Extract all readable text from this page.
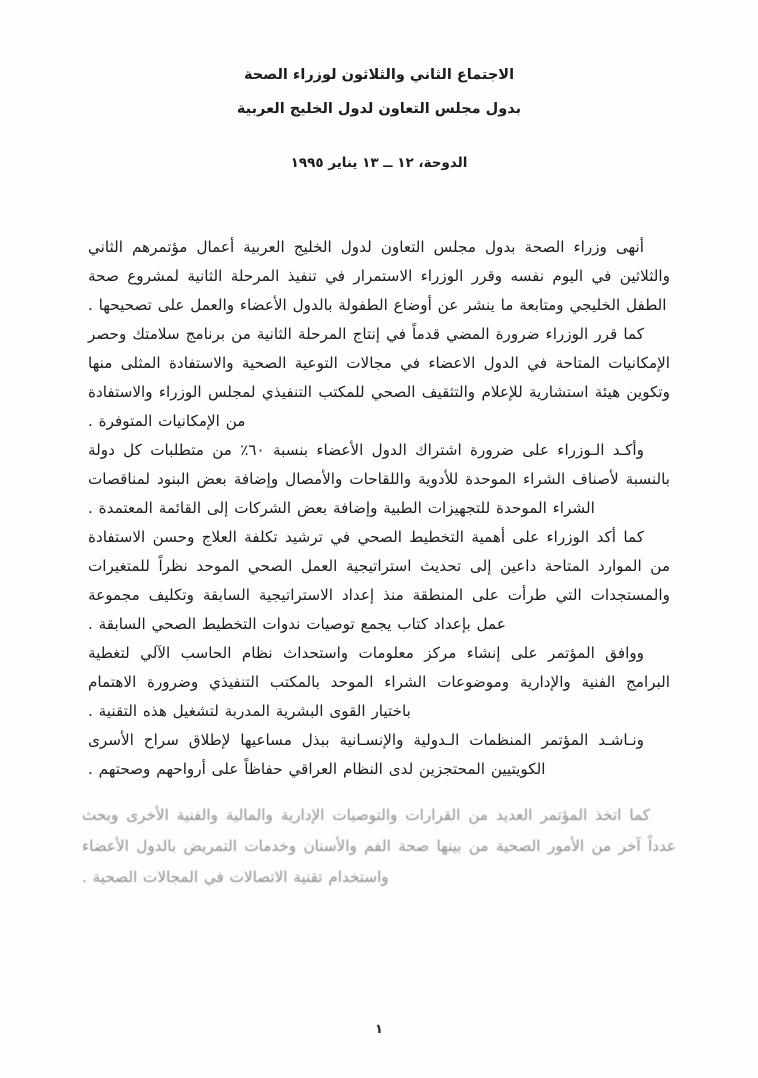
الاجتماع الثاني والثلاثون لوزراء الصحة
بدول مجلس التعاون لدول الخليج العربية
الدوحة، ١٢ ــ ١٣ يناير ١٩٩٥

أنهى وزراء الصحة بدول مجلس التعاون لدول الخليج العربية أعمال مؤتمرهم الثاني والثلاثين في اليوم نفسه وقرر الوزراء الاستمرار في تنفيذ المرحلة الثانية لمشروع صحة الطفل الخليجي ومتابعة ما ينشر عن أوضاع الطفولة بالدول الأعضاء والعمل على تصحيحها .

كما قرر الوزراء ضرورة المضي قدماً في إنتاج المرحلة الثانية من برنامج سلامتك وحصر الإمكانيات المتاحة في الدول الاعضاء في مجالات التوعية الصحية والاستفادة المثلى منها وتكوين هيئة استشارية للإعلام والتثقيف الصحي للمكتب التنفيذي لمجلس الوزراء والاستفادة من الإمكانيات المتوفرة .

وأكـد الـوزراء على ضرورة اشتراك الدول الأعضاء بنسبة ٦٠٪ من متطلبات كل دولة بالنسبة لأصناف الشراء الموحدة للأدوية واللقاحات والأمصال وإضافة بعض البنود لمناقصات الشراء الموحدة للتجهيزات الطبية وإضافة بعض الشركات إلى القائمة المعتمدة .

كما أكد الوزراء على أهمية التخطيط الصحي في ترشيد تكلفة العلاج وحسن الاستفادة من الموارد المتاحة داعين إلى تحديث استراتيجية العمل الصحي الموحد نظراً للمتغيرات والمستجدات التي طرأت على المنطقة منذ إعداد الاستراتيجية السابقة وتكليف مجموعة عمل بإعداد كتاب يجمع توصيات ندوات التخطيط الصحي السابقة .

ووافق المؤتمر على إنشاء مركز معلومات واستحداث نظام الحاسب الآلي لتغطية البرامج الفنية والإدارية وموضوعات الشراء الموحد بالمكتب التنفيذي وضرورة الاهتمام باختيار القوى البشرية المدربة لتشغيل هذه التقنية .

ونـاشـد المؤتمر المنظمات الـدولية والإنسـانية ببذل مساعيها لإطلاق سراح الأسرى الكويتيين المحتجزين لدى النظام العراقي حفاظاً على أرواحهم وصحتهم .

كما اتخذ المؤتمر العديد من القرارات والتوصيات الإدارية والمالية والفنية الأخرى وبحث عدداً آخر من الأمور الصحية من بينها صحة الفم والأسنان وخدمات التمريض بالدول الأعضاء واستخدام تقنية الاتصالات في المجالات الصحية .

١
